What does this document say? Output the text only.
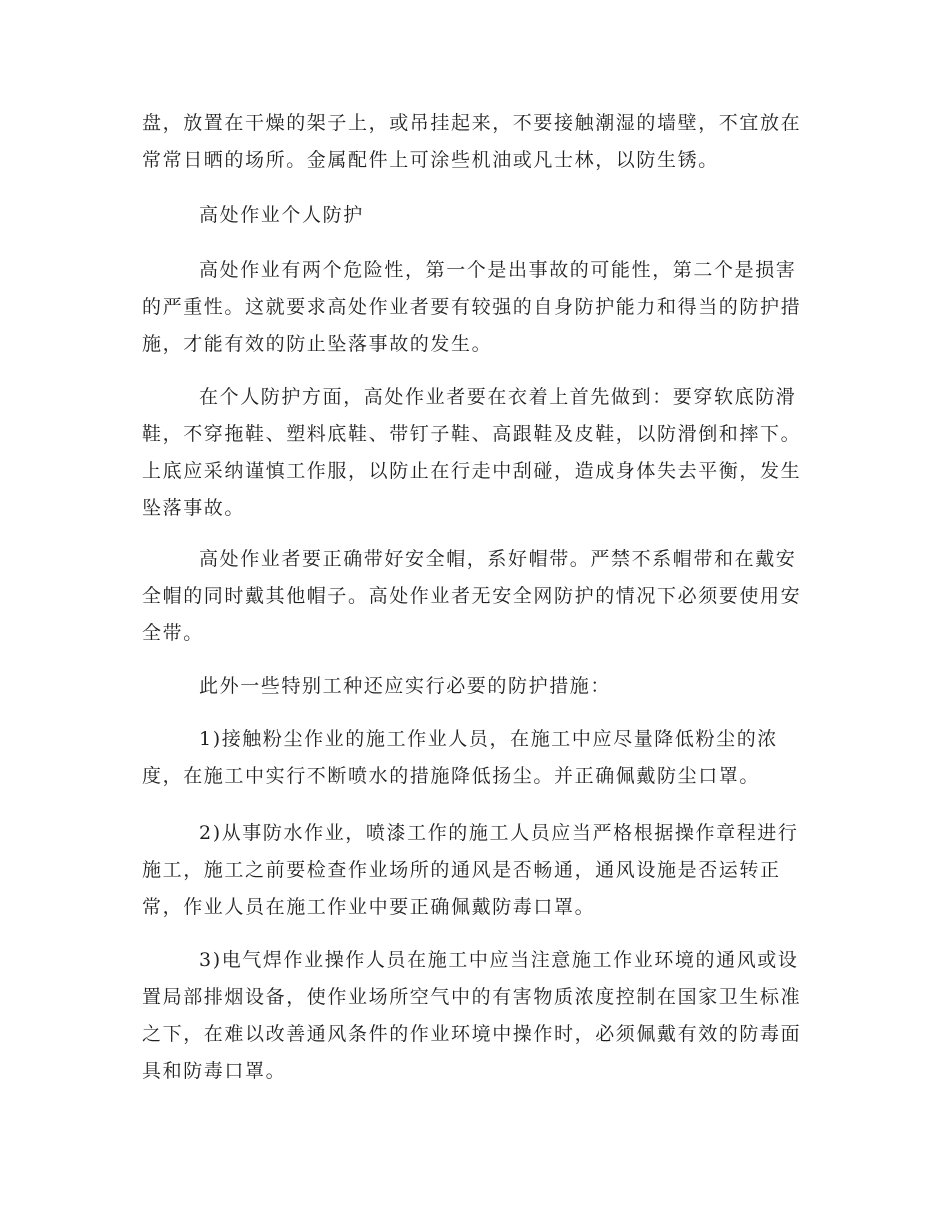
盘，放置在干燥的架子上，或吊挂起来，不要接触潮湿的墙壁，不宜放在常常日晒的场所。金属配件上可涂些机油或凡士林，以防生锈。

高处作业个人防护

高处作业有两个危险性，第一个是出事故的可能性，第二个是损害的严重性。这就要求高处作业者要有较强的自身防护能力和得当的防护措施，才能有效的防止坠落事故的发生。

在个人防护方面，高处作业者要在衣着上首先做到：要穿软底防滑鞋，不穿拖鞋、塑料底鞋、带钉子鞋、高跟鞋及皮鞋，以防滑倒和摔下。上底应采纳谨慎工作服，以防止在行走中刮碰，造成身体失去平衡，发生坠落事故。

高处作业者要正确带好安全帽，系好帽带。严禁不系帽带和在戴安全帽的同时戴其他帽子。高处作业者无安全网防护的情况下必须要使用安全带。

此外一些特别工种还应实行必要的防护措施：

1)接触粉尘作业的施工作业人员，在施工中应尽量降低粉尘的浓度，在施工中实行不断喷水的措施降低扬尘。并正确佩戴防尘口罩。

2)从事防水作业，喷漆工作的施工人员应当严格根据操作章程进行施工，施工之前要检查作业场所的通风是否畅通，通风设施是否运转正常，作业人员在施工作业中要正确佩戴防毒口罩。

3)电气焊作业操作人员在施工中应当注意施工作业环境的通风或设置局部排烟设备，使作业场所空气中的有害物质浓度控制在国家卫生标准之下，在难以改善通风条件的作业环境中操作时，必须佩戴有效的防毒面具和防毒口罩。
